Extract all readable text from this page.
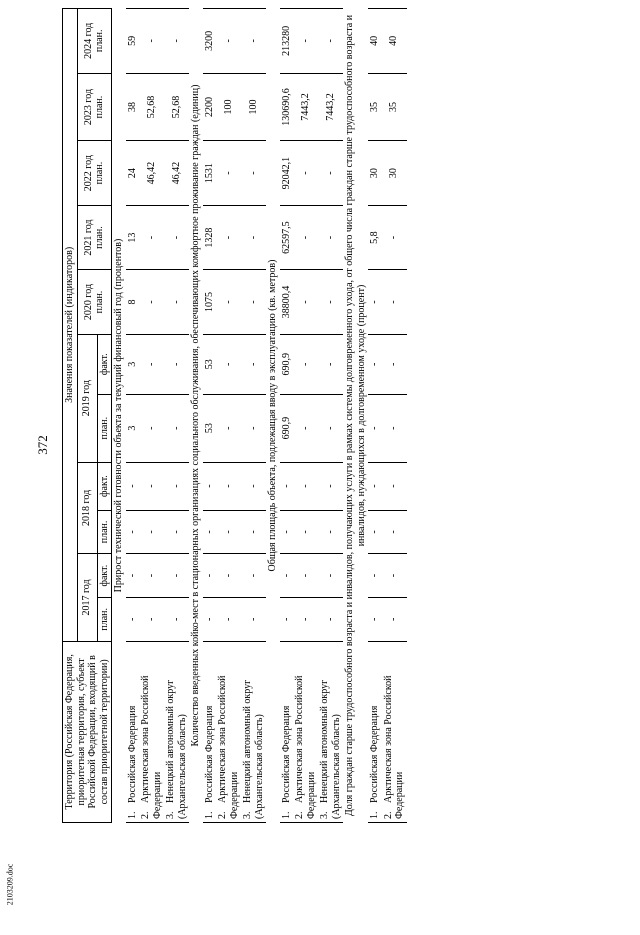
372
2103209.doc
Территория (Российская Федерация, приоритетная территория, субъект Российской Федерации, входящий в состав приоритетной территории)	Значения показателей (индикаторов)										
	2017 год		2018 год		2019 год		2020 год план.	2021 год план.	2022 год план.	2023 год план.	2024 год план.
	план.	факт.	план.	факт.	план.	факт.					
Прирост технической готовности объекта за текущий финансовый год (процентов)											
1.Российская Федерация	-	-	-	-	3	3	8	13	24	38	59
2.Арктическая зона Российской Федерации	-	-	-	-	-	-	-	-	46,42	52,68	-
3.Ненецкий автономный округ (Архангельская область)	-	-	-	-	-	-	-	-	46,42	52,68	-
Количество введенных койко-мест в стационарных организациях социального обслуживания, обеспечивающих комфортное проживание граждан (единиц)											
1.Российская Федерация	-	-	-	-	53	53	1075	1328	1531	2200	3200
2.Арктическая зона Российской Федерации	-	-	-	-	-	-	-	-	-	100	-
3.Ненецкий автономный округ (Архангельская область)	-	-	-	-	-	-	-	-	-	100	-
Общая площадь объекта, подлежащая вводу в эксплуатацию (кв. метров)											
1.Российская Федерация	-	-	-	-	690,9	690,9	38800,4	62597,5	92042,1	130690,6	213280
2.Арктическая зона Российской Федерации	-	-	-	-	-	-	-	-	-	7443,2	-
3.Ненецкий автономный округ (Архангельская область)	-	-	-	-	-	-	-	-	-	7443,2	-
Доля граждан старше трудоспособного возраста и инвалидов, получающих услуги в рамках системы долговременного ухода, от общего числа граждан старше трудоспособного возраста и инвалидов, нуждающихся в долговременном уходе (процент)											
1.Российская Федерация	-	-	-	-	-	-	-	5,8	30	35	40
2.Арктическая зона Российской Федерации	-	-	-	-	-	-	-	-	30	35	40
